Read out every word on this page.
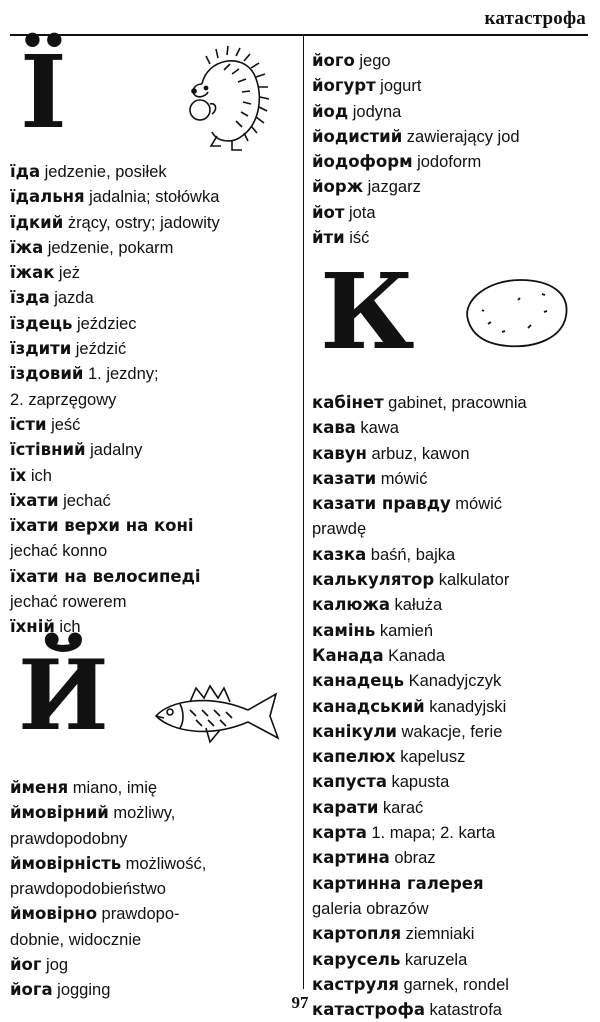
катастрофа
Ї
їда jedzenie, posiłek
їдальня jadalnia; stołówka
їдкий żrący, ostry; jadowity
їжа jedzenie, pokarm
їжак jeż
їзда jazda
їздець jeździec
їздити jeździć
їздовий 1. jezdny;
2. zaprzęgowy
їсти jeść
їстівний jadalny
їх ich
їхати jechać
їхати верхи на коні
jechać konno
їхати на велосипеді
jechać rowerem
їхній ich
Й
йменя miano, imię
ймовірний możliwy,
prawdopodobny
ймовірність możliwość,
prawdopodobieństwo
ймовірно prawdopo-
dobnie, widocznie
йог jog
йога jogging
його jego
йогурт jogurt
йод jodyna
йодистий zawierający jod
йодоформ jodoform
йорж jazgarz
йот jota
йти iść
К
кабінет gabinet, pracownia
кава kawa
кавун arbuz, kawon
казати mówić
казати правду mówić
prawdę
казка baśń, bajka
калькулятор kalkulator
калюжа kałuża
камінь kamień
Канада Kanada
канадець Kanadyjczyk
канадський kanadyjski
канікули wakacje, ferie
капелюх kapelusz
капуста kapusta
карати karać
карта 1. mapa; 2. karta
картина obraz
картинна галерея
galeria obrazów
картопля ziemniaki
карусель karuzela
каструля garnek, rondel
катастрофа katastrofa
97
